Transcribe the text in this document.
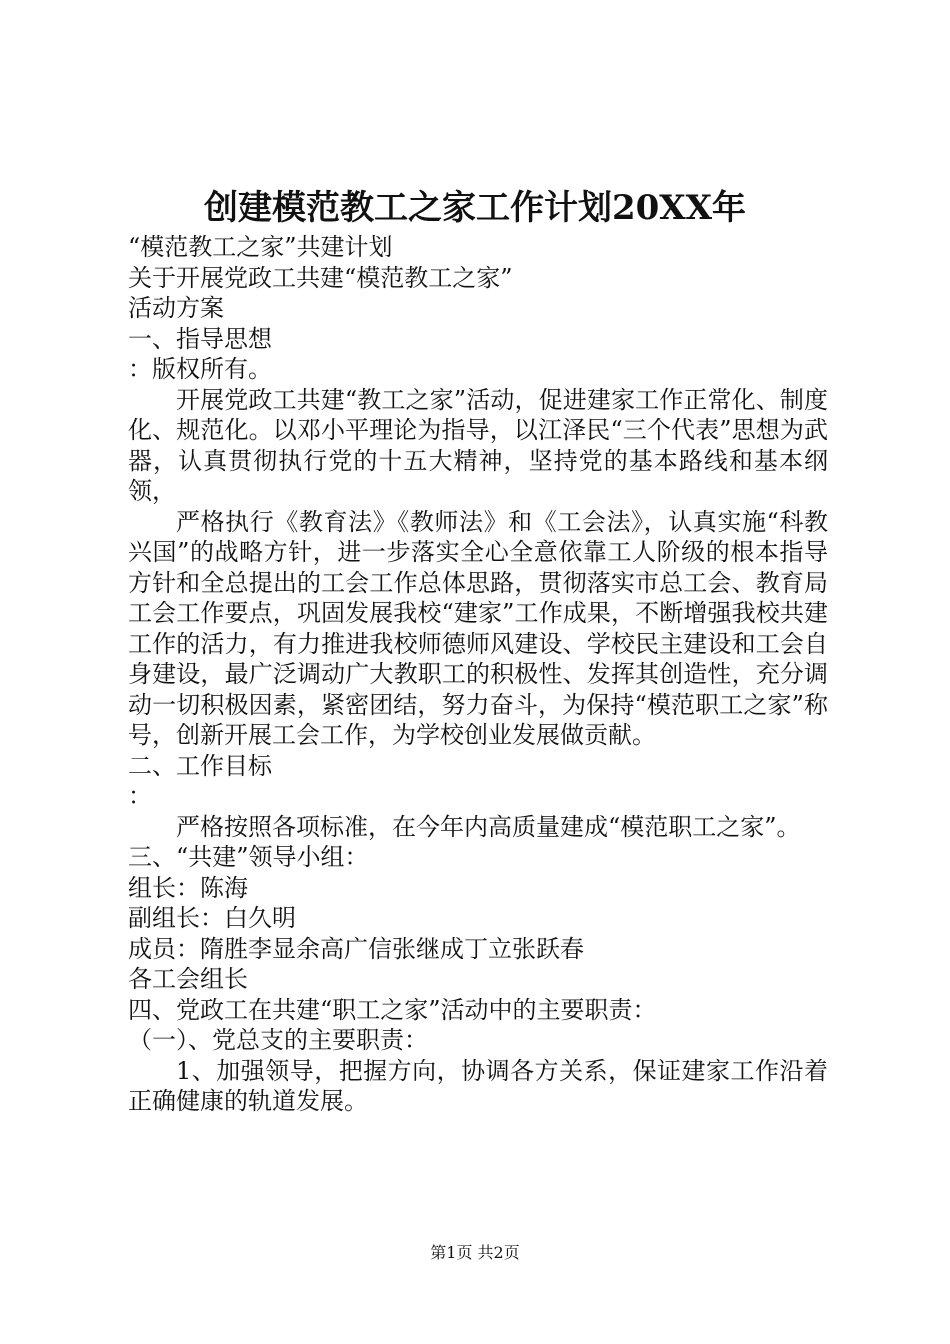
创建模范教工之家工作计划20XX年

“模范教工之家”共建计划

关于开展党政工共建“模范教工之家”

活动方案

一、指导思想

：版权所有。

开展党政工共建“教工之家”活动，促进建家工作正常化、制度化、规范化。以邓小平理论为指导，以江泽民“三个代表”思想为武器，认真贯彻执行党的十五大精神，坚持党的基本路线和基本纲领，

严格执行《教育法》《教师法》和《工会法》，认真实施“科教兴国”的战略方针，进一步落实全心全意依靠工人阶级的根本指导方针和全总提出的工会工作总体思路，贯彻落实市总工会、教育局工会工作要点，巩固发展我校“建家”工作成果，不断增强我校共建工作的活力，有力推进我校师德师风建设、学校民主建设和工会自身建设，最广泛调动广大教职工的积极性、发挥其创造性，充分调动一切积极因素，紧密团结，努力奋斗，为保持“模范职工之家”称号，创新开展工会工作，为学校创业发展做贡献。

二、工作目标

：

严格按照各项标准，在今年内高质量建成“模范职工之家”。

三、“共建”领导小组：

组长：陈海

副组长：白久明

成员：隋胜李显余高广信张继成丁立张跃春

各工会组长

四、党政工在共建“职工之家”活动中的主要职责：

（一）、党总支的主要职责：

1、加强领导，把握方向，协调各方关系，保证建家工作沿着正确健康的轨道发展。

第1页 共2页
